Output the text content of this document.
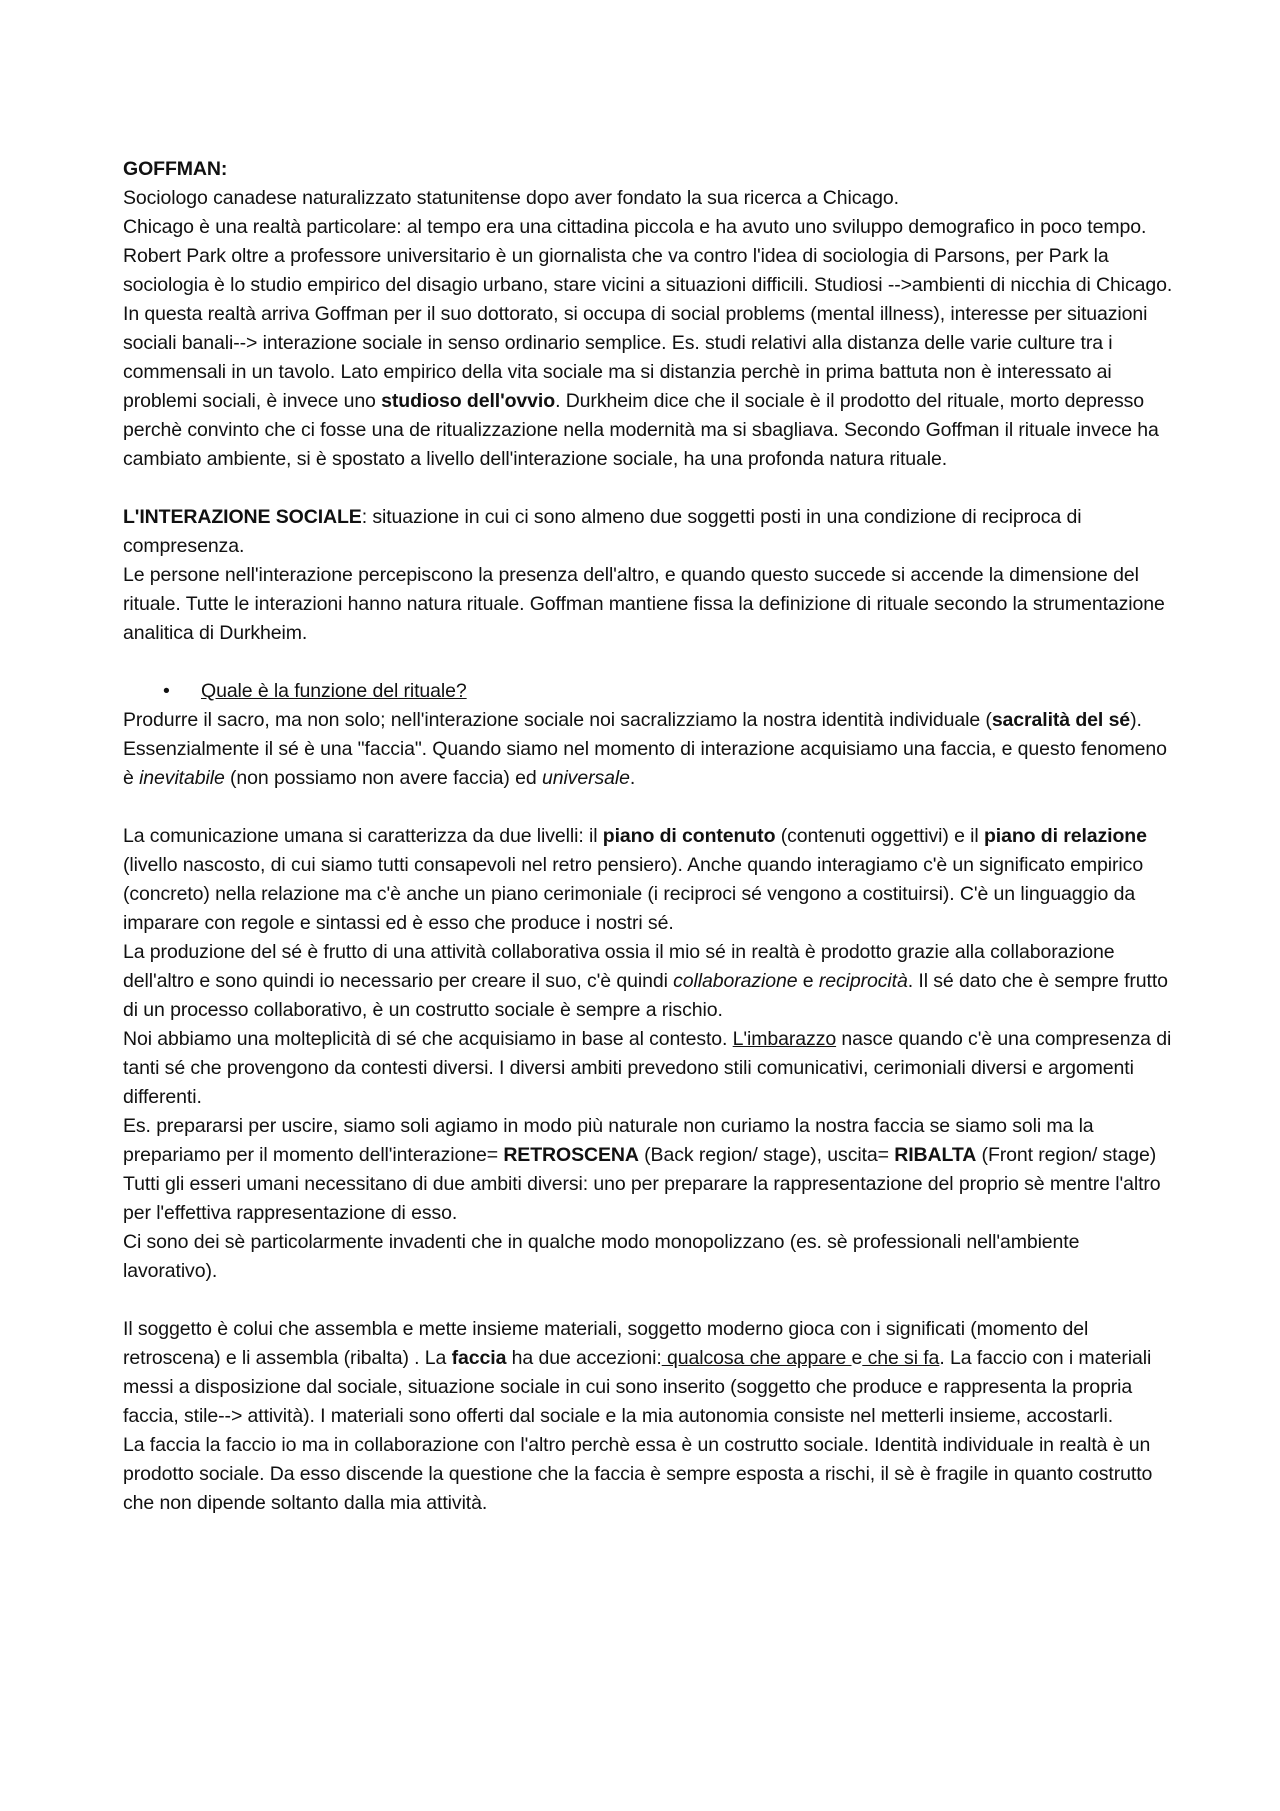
GOFFMAN:

Sociologo canadese naturalizzato statunitense dopo aver fondato la sua ricerca a Chicago.

Chicago è una realtà particolare: al tempo era una cittadina piccola e ha avuto uno sviluppo demografico in poco tempo. Robert Park oltre a professore universitario è un giornalista che va contro l'idea di sociologia di Parsons, per Park la sociologia è lo studio empirico del disagio urbano, stare vicini a situazioni difficili. Studiosi -->ambienti di nicchia di Chicago. In questa realtà arriva Goffman per il suo dottorato, si occupa di social problems (mental illness), interesse per situazioni sociali banali--> interazione sociale in senso ordinario semplice. Es. studi relativi alla distanza delle varie culture tra i commensali in un tavolo. Lato empirico della vita sociale ma si distanzia perchè in prima battuta non è interessato ai problemi sociali, è invece uno studioso dell'ovvio. Durkheim dice che il sociale è il prodotto del rituale, morto depresso perchè convinto che ci fosse una de ritualizzazione nella modernità ma si sbagliava. Secondo Goffman il rituale invece ha cambiato ambiente, si è spostato a livello dell'interazione sociale, ha una profonda natura rituale.

L'INTERAZIONE SOCIALE: situazione in cui ci sono almeno due soggetti posti in una condizione di reciproca di compresenza.

Le persone nell'interazione percepiscono la presenza dell'altro, e quando questo succede si accende la dimensione del rituale. Tutte le interazioni hanno natura rituale. Goffman mantiene fissa la definizione di rituale secondo la strumentazione analitica di Durkheim.

• Quale è la funzione del rituale?

Produrre il sacro, ma non solo; nell'interazione sociale noi sacralizziamo la nostra identità individuale (sacralità del sé). Essenzialmente il sé è una "faccia". Quando siamo nel momento di interazione acquisiamo una faccia, e questo fenomeno è inevitabile (non possiamo non avere faccia) ed universale.

La comunicazione umana si caratterizza da due livelli: il piano di contenuto (contenuti oggettivi) e il piano di relazione (livello nascosto, di cui siamo tutti consapevoli nel retro pensiero). Anche quando interagiamo c'è un significato empirico (concreto) nella relazione ma c'è anche un piano cerimoniale (i reciproci sé vengono a costituirsi). C'è un linguaggio da imparare con regole e sintassi ed è esso che produce i nostri sé.

La produzione del sé è frutto di una attività collaborativa ossia il mio sé in realtà è prodotto grazie alla collaborazione dell'altro e sono quindi io necessario per creare il suo, c'è quindi collaborazione e reciprocità. Il sé dato che è sempre frutto di un processo collaborativo, è un costrutto sociale è sempre a rischio.

Noi abbiamo una molteplicità di sé che acquisiamo in base al contesto. L'imbarazzo nasce quando c'è una compresenza di tanti sé che provengono da contesti diversi. I diversi ambiti prevedono stili comunicativi, cerimoniali diversi e argomenti differenti.

Es. prepararsi per uscire, siamo soli agiamo in modo più naturale non curiamo la nostra faccia se siamo soli ma la prepariamo per il momento dell'interazione= RETROSCENA (Back region/ stage), uscita= RIBALTA (Front region/ stage)

Tutti gli esseri umani necessitano di due ambiti diversi: uno per preparare la rappresentazione del proprio sè mentre l'altro per l'effettiva rappresentazione di esso.

Ci sono dei sè particolarmente invadenti che in qualche modo monopolizzano (es. sè professionali nell'ambiente lavorativo).

Il soggetto è colui che assembla e mette insieme materiali, soggetto moderno gioca con i significati (momento del retroscena) e li assembla (ribalta) . La faccia ha due accezioni: qualcosa che appare e che si fa. La faccio con i materiali messi a disposizione dal sociale, situazione sociale in cui sono inserito (soggetto che produce e rappresenta la propria faccia, stile--> attività). I materiali sono offerti dal sociale e la mia autonomia consiste nel metterli insieme, accostarli.

La faccia la faccio io ma in collaborazione con l'altro perchè essa è un costrutto sociale. Identità individuale in realtà è un prodotto sociale. Da esso discende la questione che la faccia è sempre esposta a rischi, il sè è fragile in quanto costrutto che non dipende soltanto dalla mia attività.
